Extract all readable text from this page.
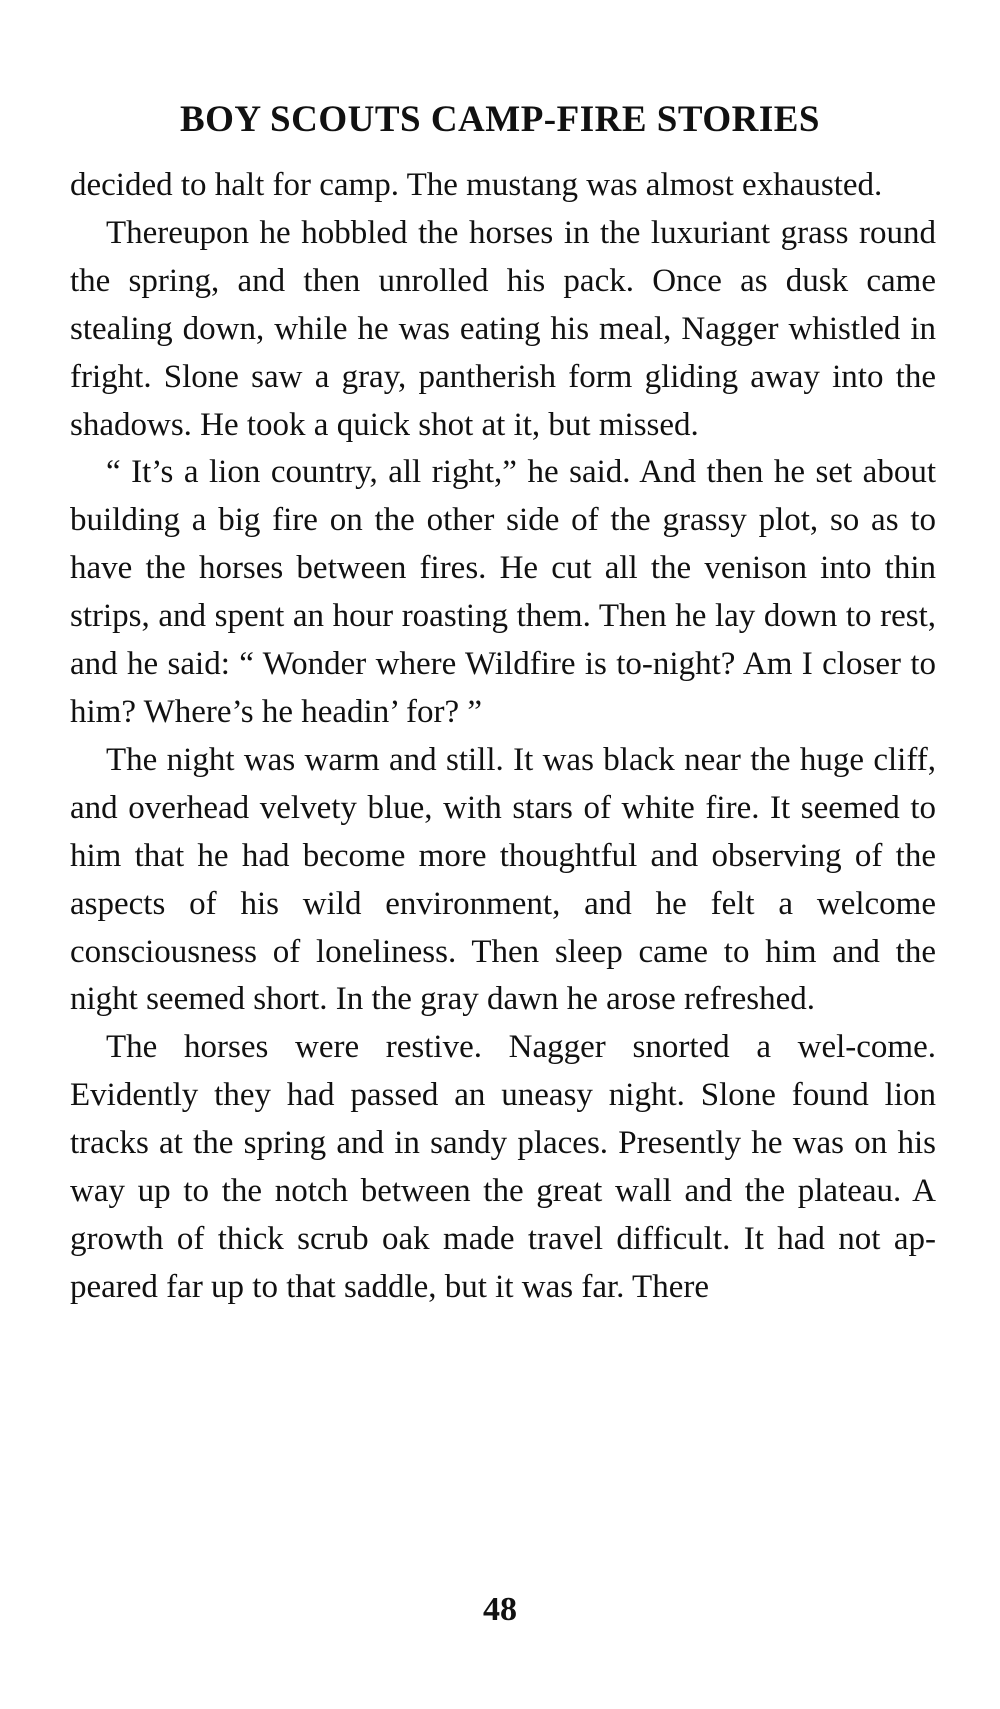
BOY SCOUTS CAMP-FIRE STORIES

decided to halt for camp. The mustang was almost exhausted.

Thereupon he hobbled the horses in the luxuriant grass round the spring, and then unrolled his pack. Once as dusk came stealing down, while he was eating his meal, Nagger whistled in fright. Slone saw a gray, pantherish form gliding away into the shadows. He took a quick shot at it, but missed.

“ It’s a lion country, all right,” he said. And then he set about building a big fire on the other side of the grassy plot, so as to have the horses between fires. He cut all the venison into thin strips, and spent an hour roasting them. Then he lay down to rest, and he said: “ Wonder where Wildfire is to-night? Am I closer to him? Where’s he headin’ for? ”

The night was warm and still. It was black near the huge cliff, and overhead velvety blue, with stars of white fire. It seemed to him that he had become more thoughtful and observing of the aspects of his wild environment, and he felt a welcome consciousness of loneliness. Then sleep came to him and the night seemed short. In the gray dawn he arose refreshed.

The horses were restive. Nagger snorted a wel-come. Evidently they had passed an uneasy night. Slone found lion tracks at the spring and in sandy places. Presently he was on his way up to the notch between the great wall and the plateau. A growth of thick scrub oak made travel difficult. It had not ap-peared far up to that saddle, but it was far. There

48
